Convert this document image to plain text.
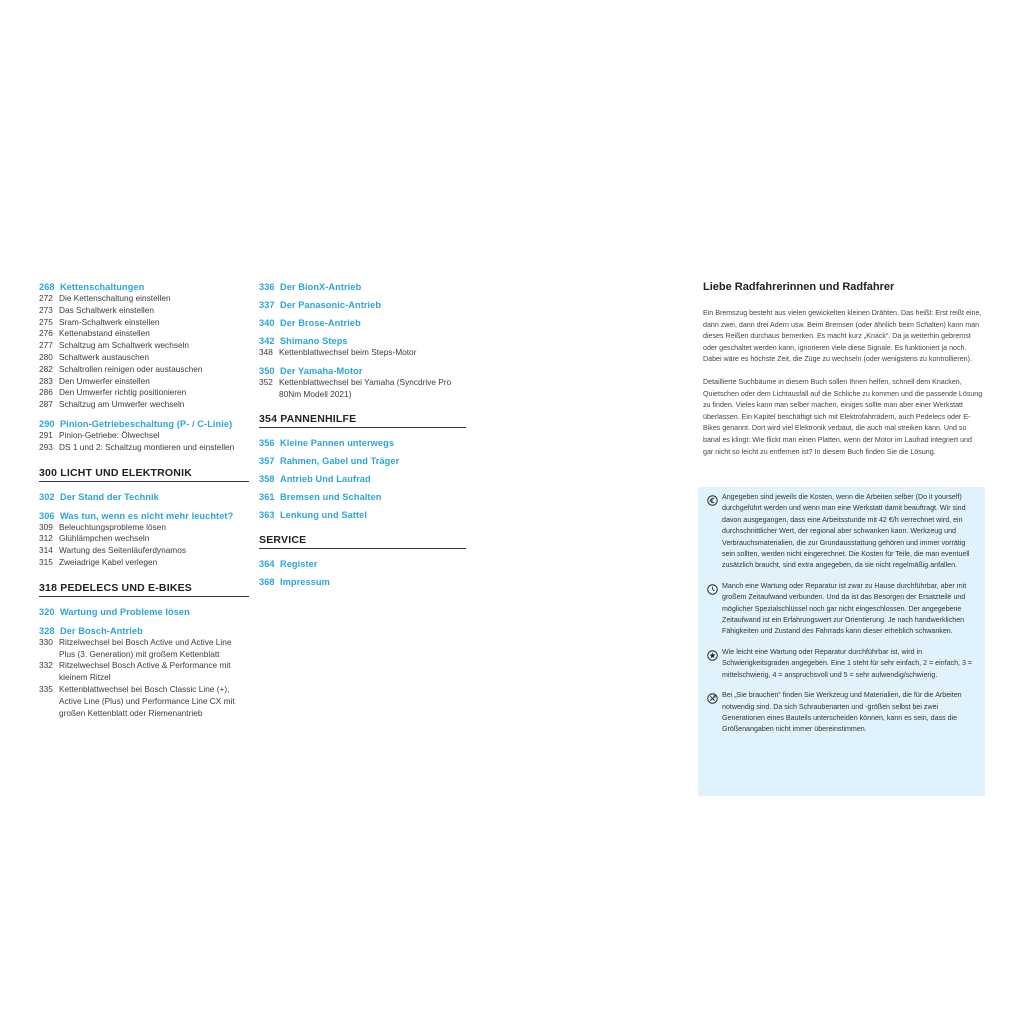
268 Kettenschaltungen
272 Die Kettenschaltung einstellen
273 Das Schaltwerk einstellen
275 Sram-Schaltwerk einstellen
276 Kettenabstand einstellen
277 Schaltzug am Schaltwerk wechseln
280 Schaltwerk austauschen
282 Schaltrollen reinigen oder austauschen
283 Den Umwerfer einstellen
286 Den Umwerfer richtig positionieren
287 Schaltzug am Umwerfer wechseln
290 Pinion-Getriebeschaltung (P- / C-Linie)
291 Pinion-Getriebe: Ölwechsel
293 DS 1 und 2: Schaltzug montieren und einstellen
300 LICHT UND ELEKTRONIK
302 Der Stand der Technik
306 Was tun, wenn es nicht mehr leuchtet?
309 Beleuchtungsprobleme lösen
312 Glühlämpchen wechseln
314 Wartung des Seitenläuferdynamos
315 Zweiadrige Kabel verlegen
318 PEDELECS UND E-BIKES
320 Wartung und Probleme lösen
328 Der Bosch-Antrieb
330 Ritzelwechsel bei Bosch Active und Active Line Plus (3. Generation) mit großem Kettenblatt
332 Ritzelwechsel Bosch Active & Performance mit kleinem Ritzel
335 Kettenblattwechsel bei Bosch Classic Line (+), Active Line (Plus) und Performance Line CX mit großen Kettenblatt oder Riemenantrieb
336 Der BionX-Antrieb
337 Der Panasonic-Antrieb
340 Der Brose-Antrieb
342 Shimano Steps
348 Kettenblattwechsel beim Steps-Motor
350 Der Yamaha-Motor
352 Kettenblattwechsel bei Yamaha (Syncdrive Pro 80Nm Modell 2021)
354 PANNENHILFE
356 Kleine Pannen unterwegs
357 Rahmen, Gabel und Träger
358 Antrieb Und Laufrad
361 Bremsen und Schalten
363 Lenkung und Sattel
SERVICE
364 Register
368 Impressum
Liebe Radfahrerinnen und Radfahrer

Ein Bremszug besteht aus vielen gewickelten kleinen Drähten. Das heißt: Erst reißt eine, dann zwei, dann drei Adern usw. Beim Bremsen (oder ähnlich beim Schalten) kann man dieses Reißen durchaus bemerken. Es macht kurz „Knack“. Da ja weiterhin gebremst oder geschaltet werden kann, ignorieren viele diese Signale. Es funktioniert ja noch. Dabei wäre es höchste Zeit, die Züge zu wechseln (oder wenigstens zu kontrollieren).

Detaillierte Suchbäume in diesem Buch sollen Ihnen helfen, schnell dem Knacken, Quietschen oder dem Lichtausfall auf die Schliche zu kommen und die passende Lösung zu finden. Vieles kann man selber machen, einiges sollte man aber einer Werkstatt überlassen. Ein Kapitel beschäftigt sich mit Elektrofahrrädern, auch Pedelecs oder E-Bikes genannt. Dort wird viel Elektronik verbaut, die auch mal streiken kann. Und so banal es klingt: Wie flickt man einen Platten, wenn der Motor im Laufrad integriert und gar nicht so leicht zu entfernen ist? In diesem Buch finden Sie die Lösung.

Angegeben sind jeweils die Kosten, wenn die Arbeiten selber (Do it yourself) durchgeführt werden und wenn man eine Werkstatt damit beauftragt. Wir sind davon ausgegangen, dass eine Arbeitsstunde mit 42 €/h verrechnet wird, ein durchschnittlicher Wert, der regional aber schwanken kann. Werkzeug und Verbrauchsmaterialien, die zur Grundausstattung gehören und immer vorrätig sein sollten, werden nicht eingerechnet. Die Kosten für Teile, die man eventuell zusätzlich braucht, sind extra angegeben, da sie nicht regelmäßig anfallen.
Manch eine Wartung oder Reparatur ist zwar zu Hause durchführbar, aber mit großem Zeitaufwand verbunden. Und da ist das Besorgen der Ersatzteile und möglicher Spezialschlüssel noch gar nicht eingeschlossen. Der angegebene Zeitaufwand ist ein Erfahrungswert zur Orientierung. Je nach handwerklichen Fähigkeiten und Zustand des Fahrrads kann dieser erheblich schwanken.
Wie leicht eine Wartung oder Reparatur durchführbar ist, wird in Schwierigkeitsgraden angegeben. Eine 1 steht für sehr einfach, 2 = einfach, 3 = mittelschwierig, 4 = anspruchsvoll und 5 = sehr aufwendig/schwierig.
Bei „Sie brauchen“ finden Sie Werkzeug und Materialien, die für die Arbeiten notwendig sind. Da sich Schraubenarten und -größen selbst bei zwei Generationen eines Bauteils unterscheiden können, kann es sein, dass die Größenangaben nicht immer übereinstimmen.
